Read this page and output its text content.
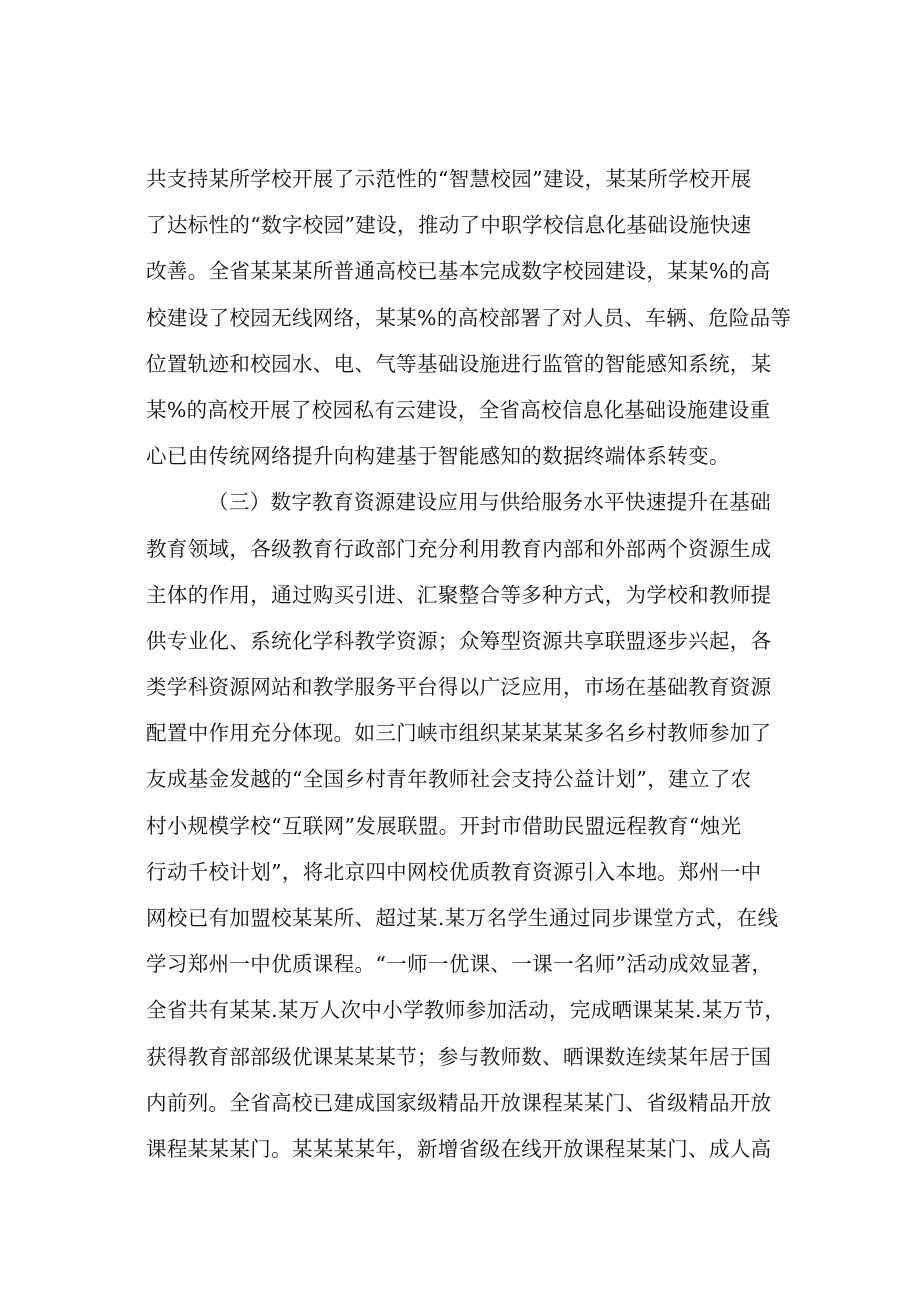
共支持某所学校开展了示范性的“智慧校园”建设，某某所学校开展
了达标性的“数字校园”建设，推动了中职学校信息化基础设施快速
改善。全省某某某所普通高校已基本完成数字校园建设，某某%的高
校建设了校园无线网络，某某%的高校部署了对人员、车辆、危险品等
位置轨迹和校园水、电、气等基础设施进行监管的智能感知系统，某
某%的高校开展了校园私有云建设，全省高校信息化基础设施建设重
心已由传统网络提升向构建基于智能感知的数据终端体系转变。
（三）数字教育资源建设应用与供给服务水平快速提升在基础
教育领域，各级教育行政部门充分利用教育内部和外部两个资源生成
主体的作用，通过购买引进、汇聚整合等多种方式，为学校和教师提
供专业化、系统化学科教学资源；众筹型资源共享联盟逐步兴起，各
类学科资源网站和教学服务平台得以广泛应用，市场在基础教育资源
配置中作用充分体现。如三门峡市组织某某某某多名乡村教师参加了
友成基金发越的“全国乡村青年教师社会支持公益计划”，建立了农
村小规模学校“互联网”发展联盟。开封市借助民盟远程教育“烛光
行动千校计划”，将北京四中网校优质教育资源引入本地。郑州一中
网校已有加盟校某某所、超过某.某万名学生通过同步课堂方式，在线
学习郑州一中优质课程。“一师一优课、一课一名师”活动成效显著，
全省共有某某.某万人次中小学教师参加活动，完成晒课某某.某万节，
获得教育部部级优课某某某节；参与教师数、晒课数连续某年居于国
内前列。全省高校已建成国家级精品开放课程某某门、省级精品开放
课程某某某门。某某某某年，新增省级在线开放课程某某门、成人高
